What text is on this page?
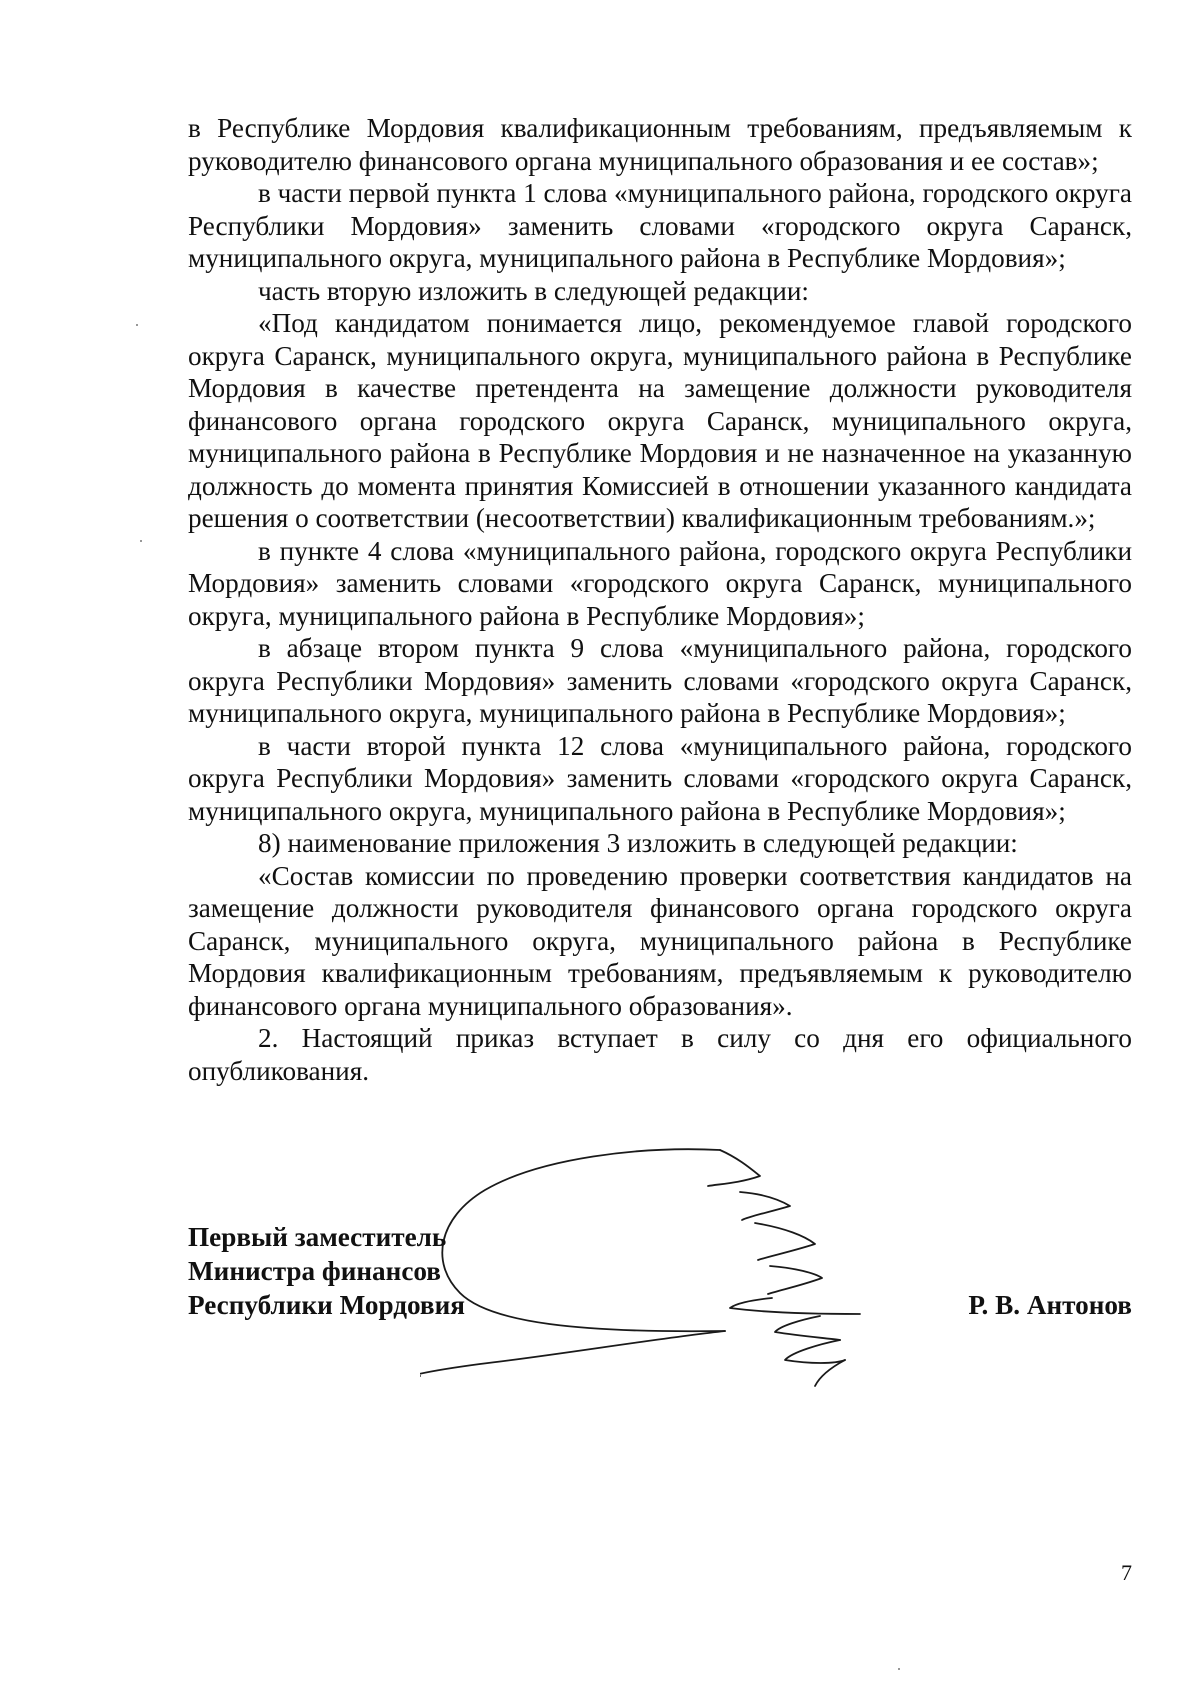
в Республике Мордовия квалификационным требованиям, предъявляемым к руководителю финансового органа муниципального образования и ее состав»;

в части первой пункта 1 слова «муниципального района, городского округа Республики Мордовия» заменить словами «городского округа Саранск, муниципального округа, муниципального района в Республике Мордовия»;

часть вторую изложить в следующей редакции:

«Под кандидатом понимается лицо, рекомендуемое главой городского округа Саранск, муниципального округа, муниципального района в Республике Мордовия в качестве претендента на замещение должности руководителя финансового органа городского округа Саранск, муниципального округа, муниципального района в Республике Мордовия и не назначенное на указанную должность до момента принятия Комиссией в отношении указанного кандидата решения о соответствии (несоответствии) квалификационным требованиям.»;

в пункте 4 слова «муниципального района, городского округа Республики Мордовия» заменить словами «городского округа Саранск, муниципального округа, муниципального района в Республике Мордовия»;

в абзаце втором пункта 9 слова «муниципального района, городского округа Республики Мордовия» заменить словами «городского округа Саранск, муниципального округа, муниципального района в Республике Мордовия»;

в части второй пункта 12 слова «муниципального района, городского округа Республики Мордовия» заменить словами «городского округа Саранск, муниципального округа, муниципального района в Республике Мордовия»;

8) наименование приложения 3 изложить в следующей редакции:

«Состав комиссии по проведению проверки соответствия кандидатов на замещение должности руководителя финансового органа городского округа Саранск, муниципального округа, муниципального района в Республике Мордовия квалификационным требованиям, предъявляемым к руководителю финансового органа муниципального образования».

2. Настоящий приказ вступает в силу со дня его официального опубликования.

Первый заместитель
Министра финансов
Республики Мордовия	Р. В. Антонов
7
